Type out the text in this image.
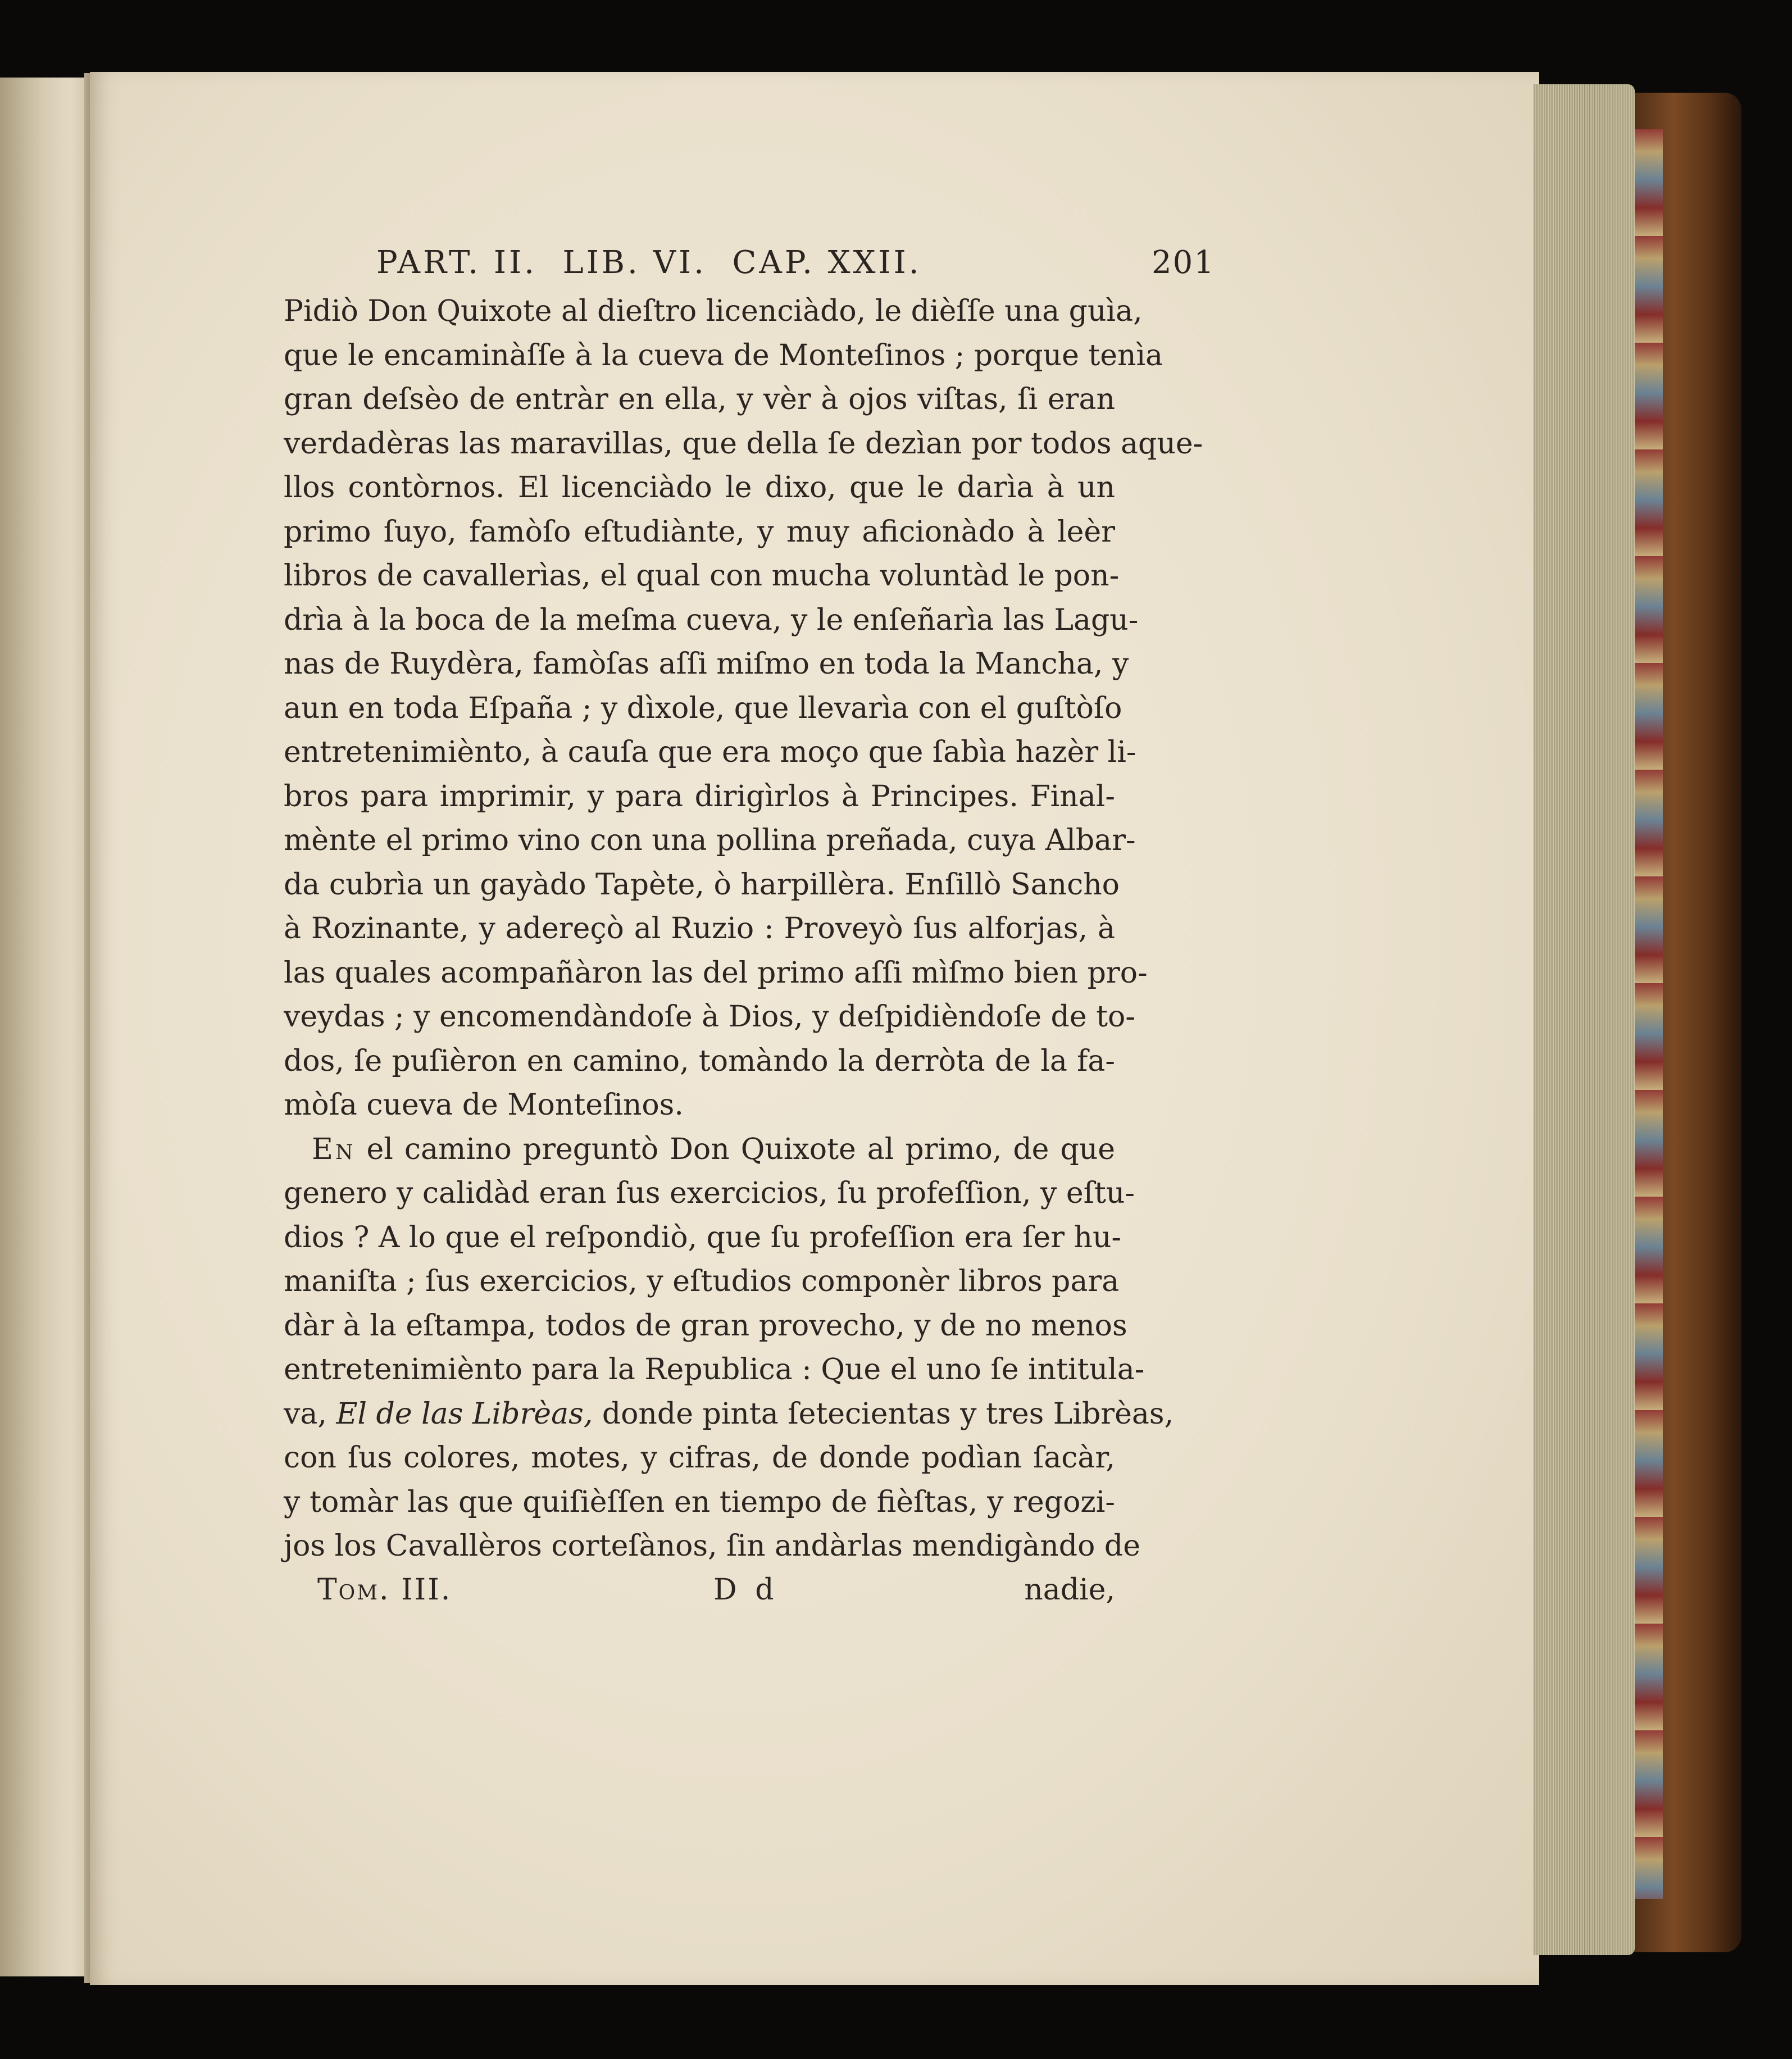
PART. II.  LIB. VI.  CAP. XXII.	201
Pidiò Don Quixote al dieſtro licenciàdo, le dièſſe una guìa,
que le encaminàſſe à la cueva de Monteſinos ; porque tenìa
gran deſsèo de entràr en ella, y vèr à ojos viſtas, ſi eran
verdadèras las maravillas, que della ſe dezìan por todos aque-
llos contòrnos. El licenciàdo le dixo, que le darìa à un
primo ſuyo, famòſo eſtudiànte, y muy aficionàdo à leèr
libros de cavallerìas, el qual con mucha voluntàd le pon-
drìa à la boca de la meſma cueva, y le enſeñarìa las Lagu-
nas de Ruydèra, famòſas aſſi miſmo en toda la Mancha, y
aun en toda Eſpaña ; y dìxole, que llevarìa con el guſtòſo
entretenimiènto, à cauſa que era moço que ſabìa hazèr li-
bros para imprimir, y para dirigìrlos à Principes. Final-
mènte el primo vino con una pollina preñada, cuya Albar-
da cubrìa un gayàdo Tapète, ò harpillèra. Enſillò Sancho
à Rozinante, y adereçò al Ruzio : Proveyò ſus alforjas, à
las quales acompañàron las del primo aſſi mìſmo bien pro-
veydas ; y encomendàndoſe à Dios, y deſpidièndoſe de to-
dos, ſe puſièron en camino, tomàndo la derròta de la fa-
mòſa cueva de Monteſinos.
En el camino preguntò Don Quixote al primo, de que
genero y calidàd eran ſus exercicios, ſu profeſſion, y eſtu-
dios ? A lo que el reſpondiò, que ſu profeſſion era ſer hu-
maniſta ; ſus exercicios, y eſtudios componèr libros para
dàr à la eſtampa, todos de gran provecho, y de no menos
entretenimiènto para la Republica : Que el uno ſe intitula-
va, El de las Librèas, donde pinta ſetecientas y tres Librèas,
con ſus colores, motes, y cifras, de donde podìan ſacàr,
y tomàr las que quiſièſſen en tiempo de fièſtas, y regozi-
jos los Cavallèros corteſànos, ſin andàrlas mendigàndo de
Tom. III.	D d	nadie,
